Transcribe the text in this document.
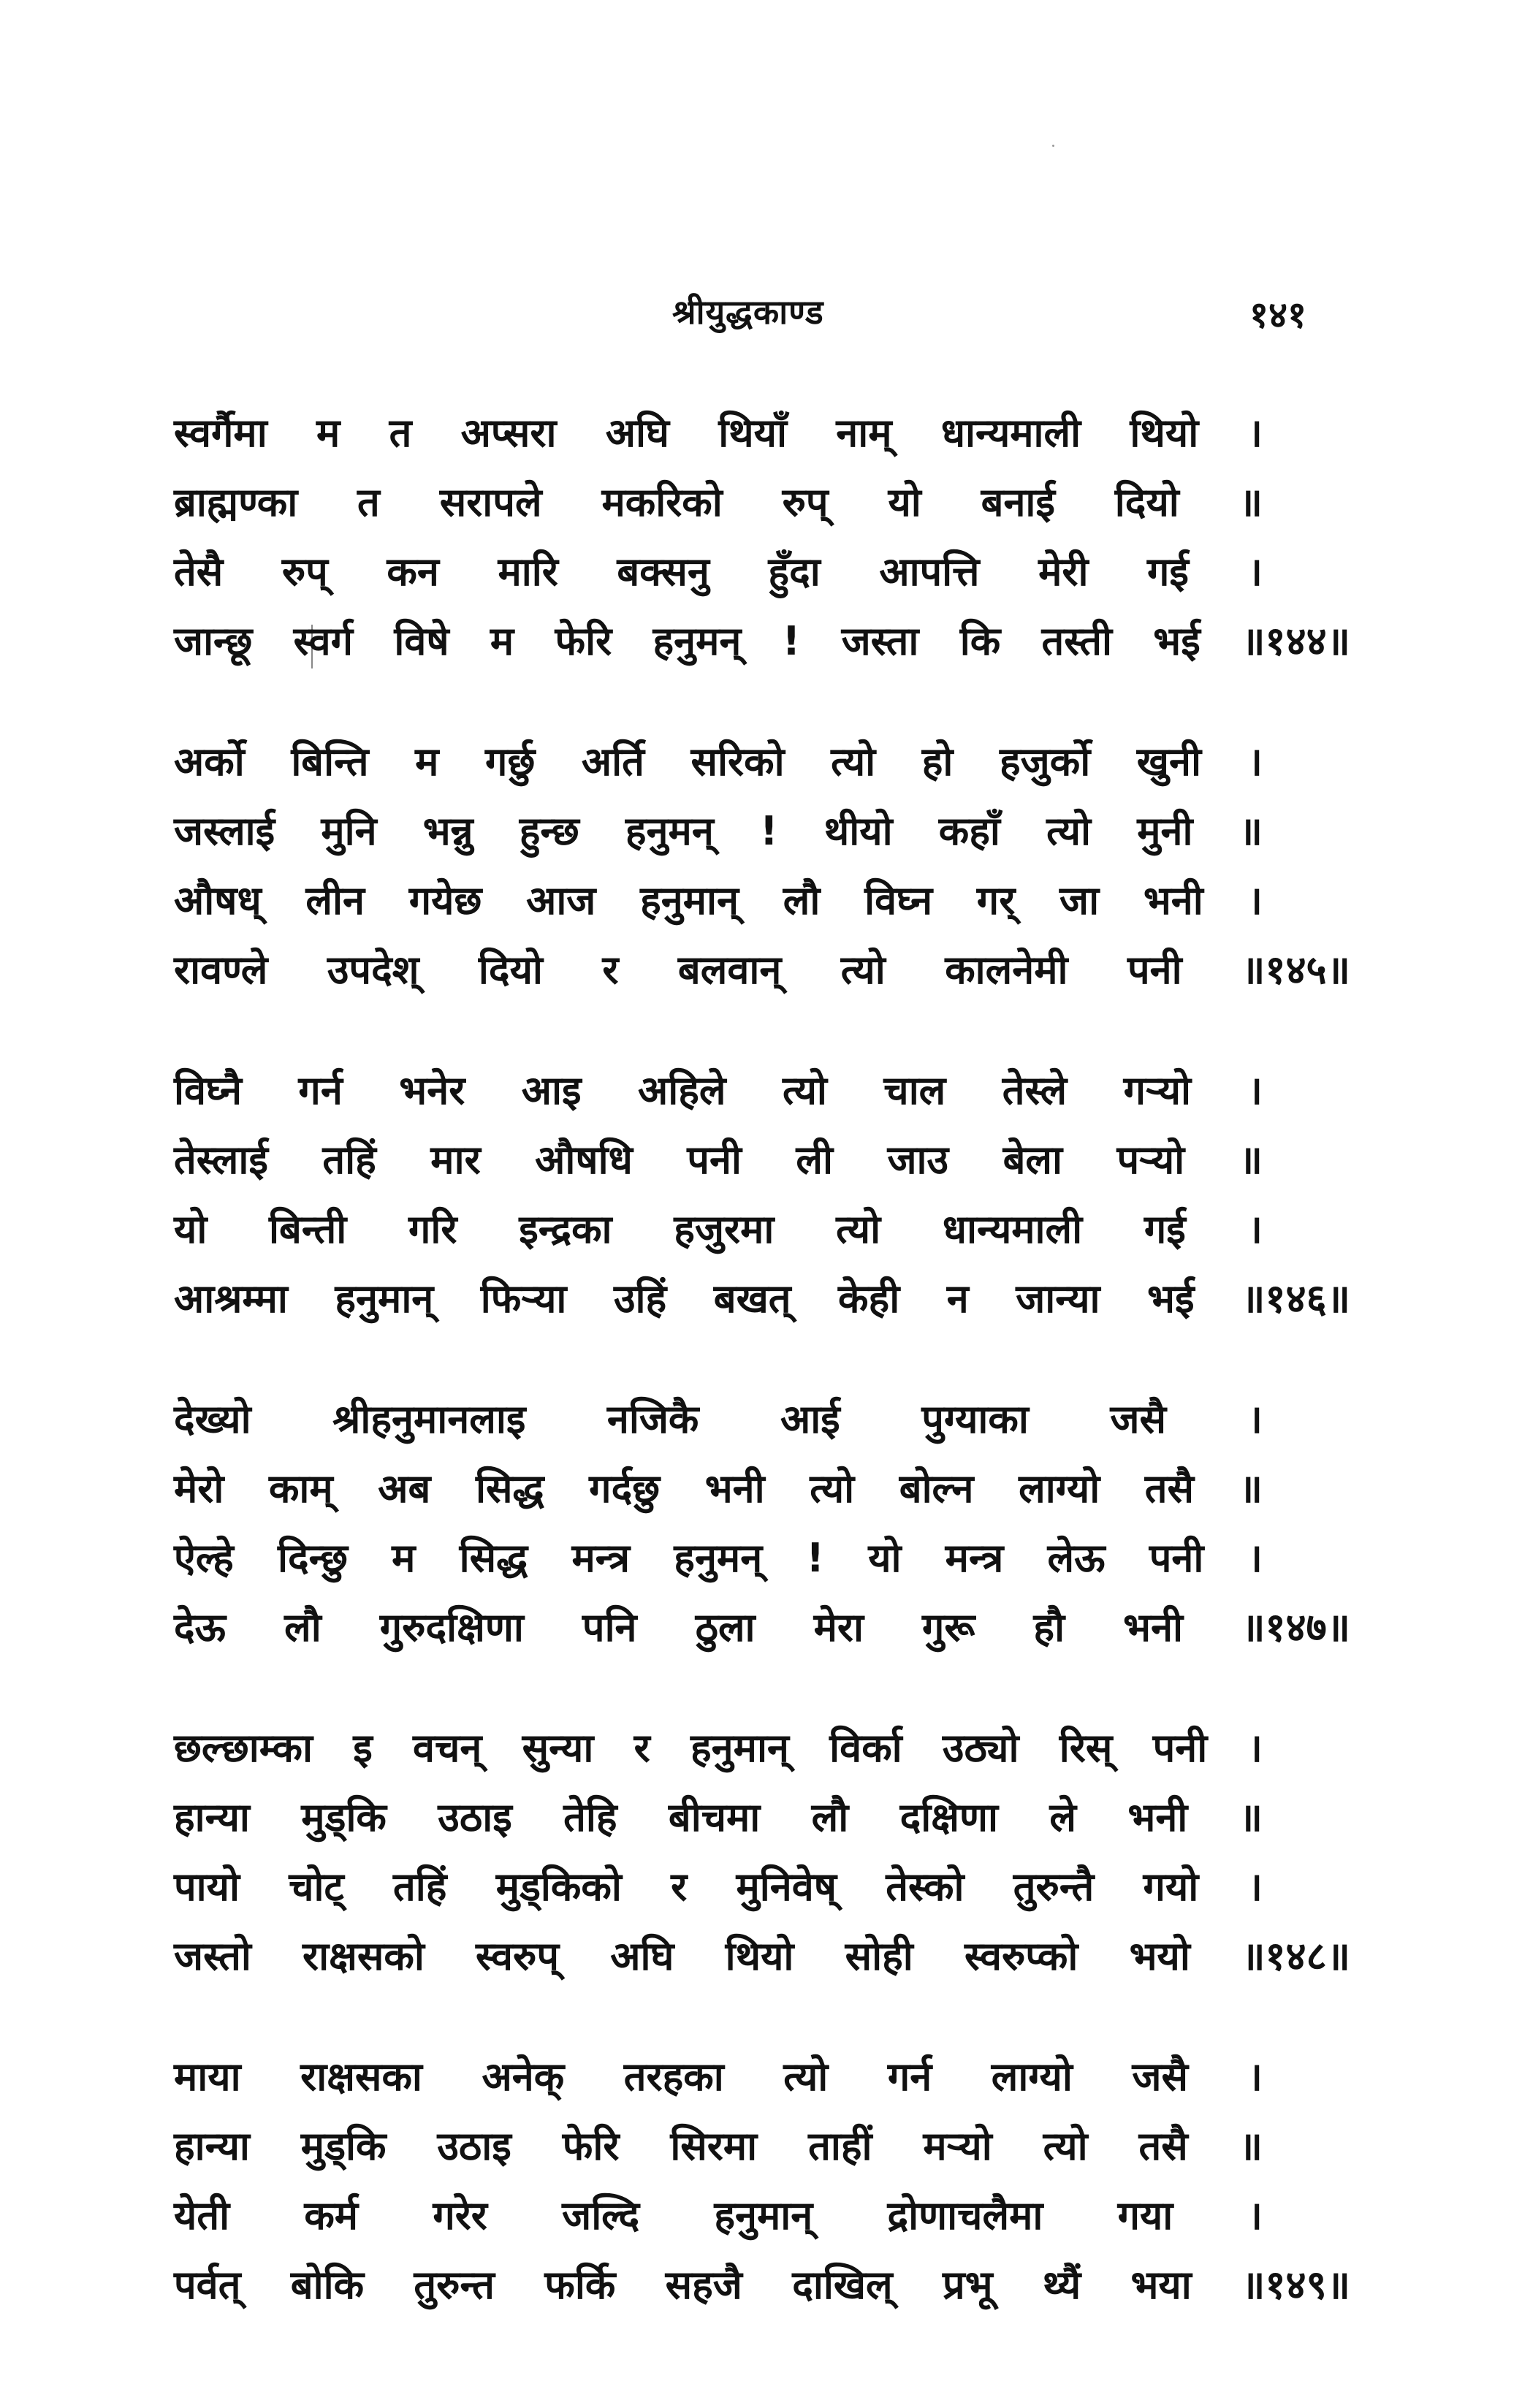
श्रीयुद्धकाण्ड	१४१
स्वर्गैमा म त अप्सरा अघि थियाँ नाम् धान्यमाली थियो ।
ब्राह्मण्का त सरापले मकरिको रुप् यो बनाई दियो ॥
तेसै रुप् कन मारि बक्सनु हुँदा आपत्ति मेरी गई ।
जान्छू स्वर्ग विषे म फेरि हनुमन् ! जस्ता कि तस्ती भई ॥१४४॥
अर्को बिन्ति म गर्छु अर्ति सरिको त्यो हो हजुर्को खुनी ।
जस्लाई मुनि भन्नु हुन्छ हनुमन् ! थीयो कहाँ त्यो मुनी ॥
औषध् लीन गयेछ आज हनुमान् लौ विघ्न गर् जा भनी ।
रावण्ले उपदेश् दियो र बलवान् त्यो कालनेमी पनी ॥१४५॥
विघ्नै गर्न भनेर आइ अहिले त्यो चाल तेस्ले गऱ्यो ।
तेस्लाई तहिं मार औषधि पनी ली जाउ बेला पऱ्यो ॥
यो बिन्ती गरि इन्द्रका हजुरमा त्यो धान्यमाली गई ।
आश्रम्मा हनुमान् फिऱ्या उहिं बखत् केही न जान्या भई ॥१४६॥
देख्यो श्रीहनुमानलाइ नजिकै आई पुग्याका जसै ।
मेरो काम् अब सिद्ध गर्दछु भनी त्यो बोल्न लाग्यो तसै ॥
ऐल्हे दिन्छु म सिद्ध मन्त्र हनुमन् ! यो मन्त्र लेऊ पनी ।
देऊ लौ गुरुदक्षिणा पनि ठुला मेरा गुरू हौ भनी ॥१४७॥
छल्छाम्का इ वचन् सुन्या र हनुमान् विर्का उठ्यो रिस् पनी ।
हान्या मुड्कि उठाइ तेहि बीचमा लौ दक्षिणा ले भनी ॥
पायो चोट् तहिं मुड्किको र मुनिवेष् तेस्को तुरुन्तै गयो ।
जस्तो राक्षसको स्वरुप् अघि थियो सोही स्वरुप्को भयो ॥१४८॥
माया राक्षसका अनेक् तरहका त्यो गर्न लाग्यो जसै ।
हान्या मुड्कि उठाइ फेरि सिरमा ताहीं मऱ्यो त्यो तसै ॥
येती कर्म गरेर जल्दि हनुमान् द्रोणाचलैमा गया ।
पर्वत् बोकि तुरुन्त फर्कि सहजै दाखिल् प्रभू थ्यैं भया ॥१४९॥
